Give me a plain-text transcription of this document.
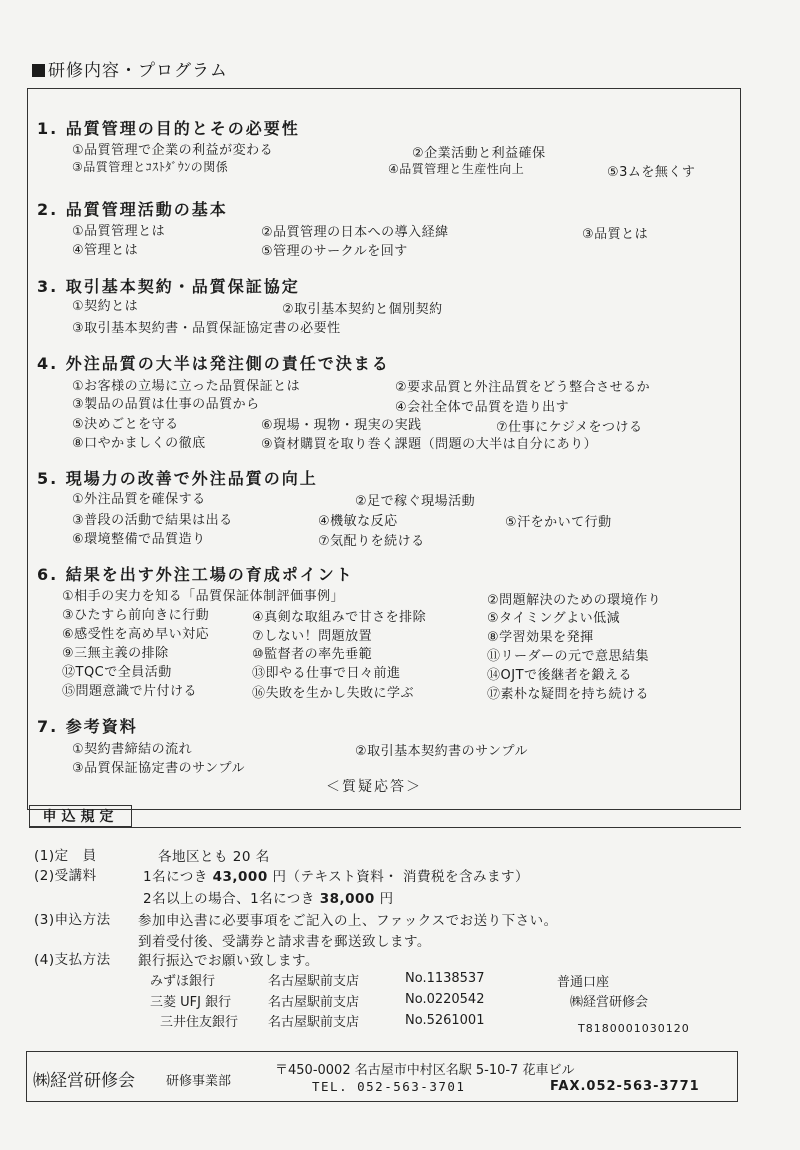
研修内容・プログラム
1. 品質管理の目的とその必要性
①品質管理で企業の利益が変わる	②企業活動と利益確保
③品質管理とｺｽﾄﾀﾞｳﾝの関係	④品質管理と生産性向上	⑤3ムを無くす
2. 品質管理活動の基本
①品質管理とは	②品質管理の日本への導入経緯	③品質とは
④管理とは	⑤管理のサークルを回す
3. 取引基本契約・品質保証協定
①契約とは	②取引基本契約と個別契約
③取引基本契約書・品質保証協定書の必要性
4. 外注品質の大半は発注側の責任で決まる
①お客様の立場に立った品質保証とは	②要求品質と外注品質をどう整合させるか
③製品の品質は仕事の品質から	④会社全体で品質を造り出す
⑤決めごとを守る	⑥現場・現物・現実の実践	⑦仕事にケジメをつける
⑧口やかましくの徹底	⑨資材購買を取り巻く課題（問題の大半は自分にあり）
5. 現場力の改善で外注品質の向上
①外注品質を確保する	②足で稼ぐ現場活動
③普段の活動で結果は出る	④機敏な反応	⑤汗をかいて行動
⑥環境整備で品質造り	⑦気配りを続ける
6. 結果を出す外注工場の育成ポイント
①相手の実力を知る「品質保証体制評価事例」	②問題解決のための環境作り
③ひたすら前向きに行動	④真剣な取組みで甘さを排除	⑤タイミングよい低減
⑥感受性を高め早い対応	⑦しない！問題放置	⑧学習効果を発揮
⑨三無主義の排除	⑩監督者の率先垂範	⑪リーダーの元で意思結集
⑫TQCで全員活動	⑬即やる仕事で日々前進	⑭OJTで後継者を鍛える
⑮問題意識で片付ける	⑯失敗を生かし失敗に学ぶ	⑰素朴な疑問を持ち続ける
7. 参考資料
①契約書締結の流れ	②取引基本契約書のサンプル
③品質保証協定書のサンプル
＜質疑応答＞
申込規定
(1)定　員	各地区とも 20 名
(2)受講料	1名につき 43,000 円（テキスト資料・ 消費税を含みます）
2名以上の場合、1名につき 38,000 円
(3)申込方法 参加申込書に必要事項をご記入の上、ファックスでお送り下さい。
到着受付後、受講券と請求書を郵送致します。
(4)支払方法 銀行振込でお願い致します。
みずほ銀行	名古屋駅前支店	No.1138537	普通口座
三菱 UFJ 銀行	名古屋駅前支店	No.0220542	㈱経営研修会
三井住友銀行 名古屋駅前支店	No.5261001
T8180001030120
㈱経営研修会 研修事業部
〒450-0002 名古屋市中村区名駅 5-10-7 花車ビル
TEL. 052-563-3701	FAX.052-563-3771
